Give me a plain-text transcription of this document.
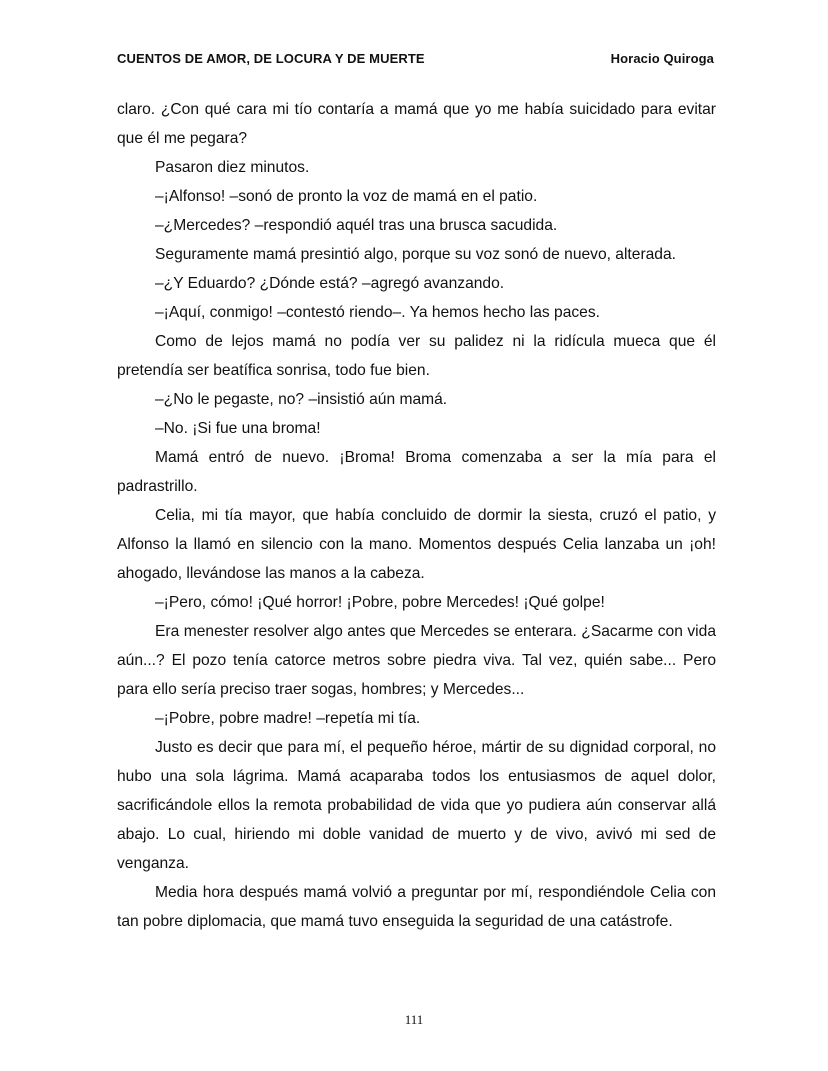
CUENTOS DE AMOR, DE LOCURA Y DE MUERTE	Horacio Quiroga

claro. ¿Con qué cara mi tío contaría a mamá que yo me había suicidado para evitar que él me pegara?

Pasaron diez minutos.

–¡Alfonso! –sonó de pronto la voz de mamá en el patio.

–¿Mercedes? –respondió aquél tras una brusca sacudida.

Seguramente mamá presintió algo, porque su voz sonó de nuevo, alterada.

–¿Y Eduardo? ¿Dónde está? –agregó avanzando.

–¡Aquí, conmigo! –contestó riendo–. Ya hemos hecho las paces.

Como de lejos mamá no podía ver su palidez ni la ridícula mueca que él pretendía ser beatífica sonrisa, todo fue bien.

–¿No le pegaste, no? –insistió aún mamá.

–No. ¡Si fue una broma!

Mamá entró de nuevo. ¡Broma! Broma comenzaba a ser la mía para el padrastrillo.

Celia, mi tía mayor, que había concluido de dormir la siesta, cruzó el patio, y Alfonso la llamó en silencio con la mano. Momentos después Celia lanzaba un ¡oh! ahogado, llevándose las manos a la cabeza.

–¡Pero, cómo! ¡Qué horror! ¡Pobre, pobre Mercedes! ¡Qué golpe!

Era menester resolver algo antes que Mercedes se enterara. ¿Sacarme con vida aún...? El pozo tenía catorce metros sobre piedra viva. Tal vez, quién sabe... Pero para ello sería preciso traer sogas, hombres; y Mercedes...

–¡Pobre, pobre madre! –repetía mi tía.

Justo es decir que para mí, el pequeño héroe, mártir de su dignidad corporal, no hubo una sola lágrima. Mamá acaparaba todos los entusiasmos de aquel dolor, sacrificándole ellos la remota probabilidad de vida que yo pudiera aún conservar allá abajo. Lo cual, hiriendo mi doble vanidad de muerto y de vivo, avivó mi sed de venganza.

Media hora después mamá volvió a preguntar por mí, respondiéndole Celia con tan pobre diplomacia, que mamá tuvo enseguida la seguridad de una catástrofe.

111
